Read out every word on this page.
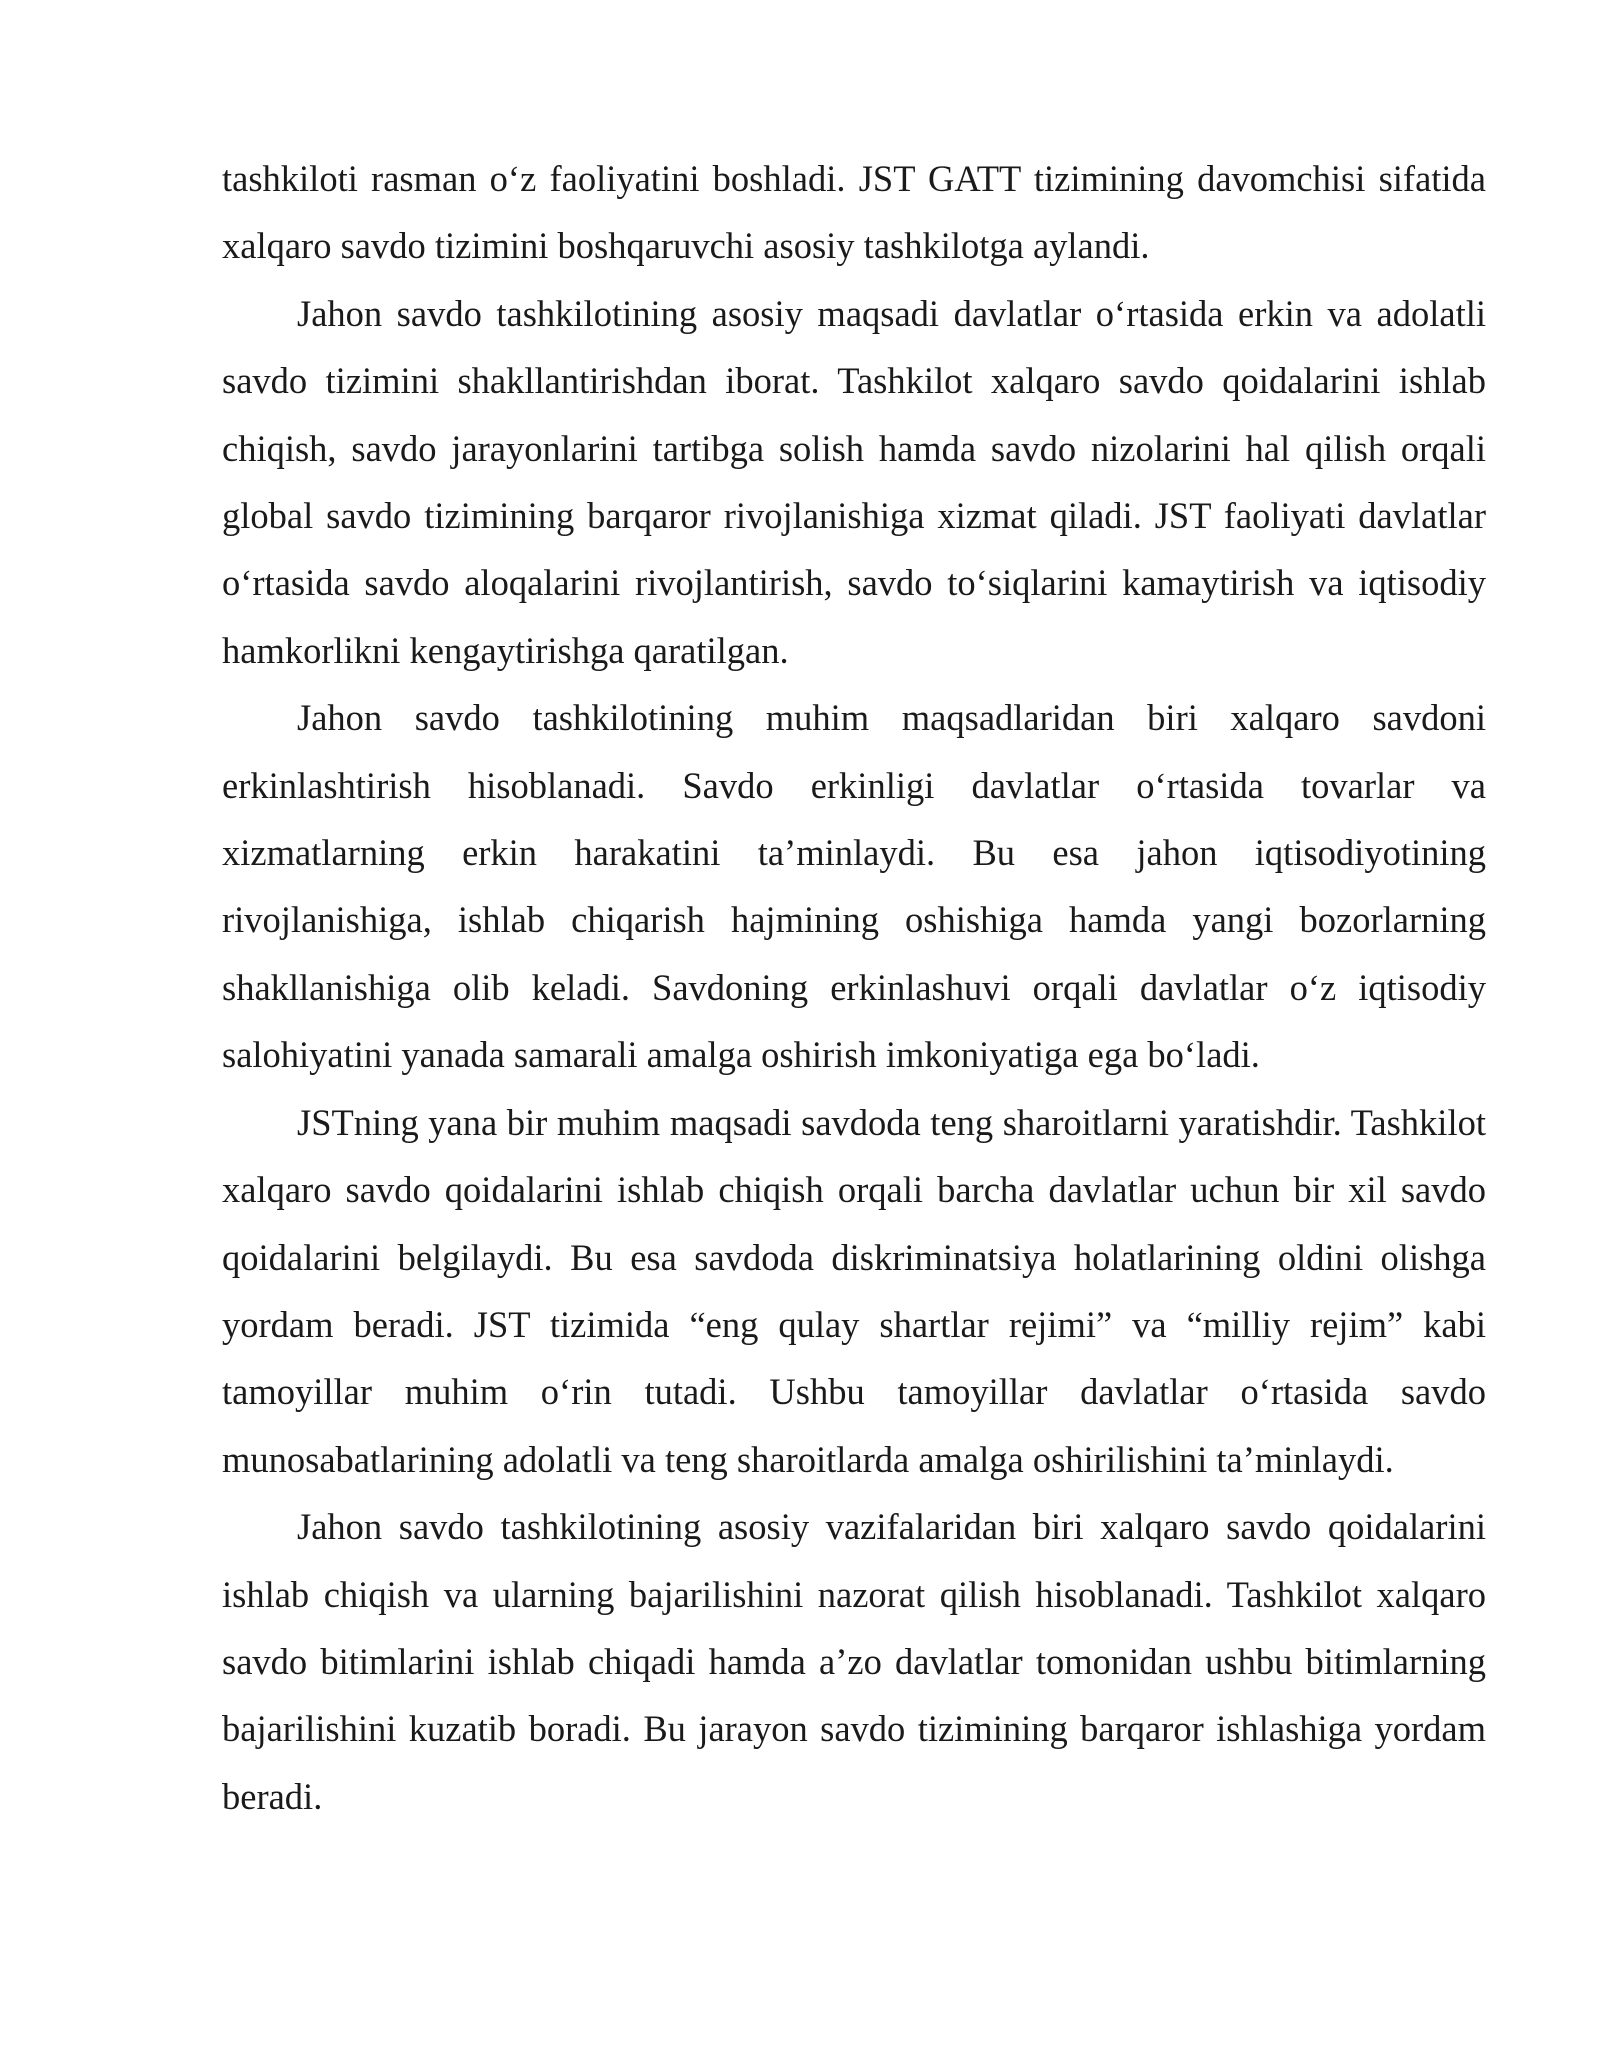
tashkiloti rasman oʻz faoliyatini boshladi. JST GATT tizimining davomchisi sifatida xalqaro savdo tizimini boshqaruvchi asosiy tashkilotga aylandi.

Jahon savdo tashkilotining asosiy maqsadi davlatlar oʻrtasida erkin va adolatli savdo tizimini shakllantirishdan iborat. Tashkilot xalqaro savdo qoidalarini ishlab chiqish, savdo jarayonlarini tartibga solish hamda savdo nizolarini hal qilish orqali global savdo tizimining barqaror rivojlanishiga xizmat qiladi. JST faoliyati davlatlar oʻrtasida savdo aloqalarini rivojlantirish, savdo toʻsiqlarini kamaytirish va iqtisodiy hamkorlikni kengaytirishga qaratilgan.

Jahon savdo tashkilotining muhim maqsadlaridan biri xalqaro savdoni erkinlashtirish hisoblanadi. Savdo erkinligi davlatlar oʻrtasida tovarlar va xizmatlarning erkin harakatini ta’minlaydi. Bu esa jahon iqtisodiyotining rivojlanishiga, ishlab chiqarish hajmining oshishiga hamda yangi bozorlarning shakllanishiga olib keladi. Savdoning erkinlashuvi orqali davlatlar oʻz iqtisodiy salohiyatini yanada samarali amalga oshirish imkoniyatiga ega boʻladi.

JSTning yana bir muhim maqsadi savdoda teng sharoitlarni yaratishdir. Tashkilot xalqaro savdo qoidalarini ishlab chiqish orqali barcha davlatlar uchun bir xil savdo qoidalarini belgilaydi. Bu esa savdoda diskriminatsiya holatlarining oldini olishga yordam beradi. JST tizimida “eng qulay shartlar rejimi” va “milliy rejim” kabi tamoyillar muhim oʻrin tutadi. Ushbu tamoyillar davlatlar oʻrtasida savdo munosabatlarining adolatli va teng sharoitlarda amalga oshirilishini ta’minlaydi.

Jahon savdo tashkilotining asosiy vazifalaridan biri xalqaro savdo qoidalarini ishlab chiqish va ularning bajarilishini nazorat qilish hisoblanadi. Tashkilot xalqaro savdo bitimlarini ishlab chiqadi hamda a’zo davlatlar tomonidan ushbu bitimlarning bajarilishini kuzatib boradi. Bu jarayon savdo tizimining barqaror ishlashiga yordam beradi.
